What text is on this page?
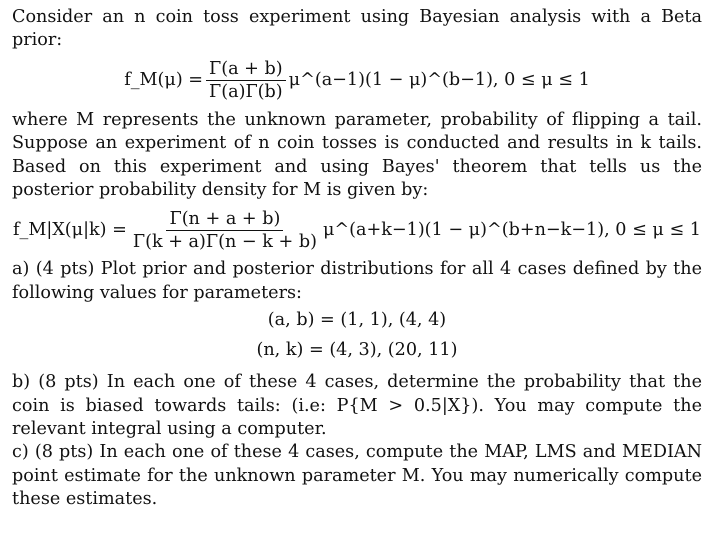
Consider an n coin toss experiment using Bayesian analysis with a Beta prior:

f_M(μ) = $\frac{\Gamma(a + b)}{\Gamma(a)\Gamma(b)}$ μ^(a−1)(1 − μ)^(b−1), 0 ≤ μ ≤ 1

where M represents the unknown parameter, probability of flipping a tail. Suppose an experiment of n coin tosses is conducted and results in k tails. Based on this experiment and using Bayes' theorem that tells us the posterior probability density for M is given by:

f_M|X(μ|k) = $\frac{\Gamma(n + a + b)}{\Gamma(k + a)\Gamma(n - k + b)}$ μ^(a+k−1)(1 − μ)^(b+n−k−1), 0 ≤ μ ≤ 1

a) (4 pts) Plot prior and posterior distributions for all 4 cases defined by the following values for parameters:

(a, b) = (1, 1), (4, 4)
(n, k) = (4, 3), (20, 11)

b) (8 pts) In each one of these 4 cases, determine the probability that the coin is biased towards tails: (i.e: P{M > 0.5|X}). You may compute the relevant integral using a computer.

c) (8 pts) In each one of these 4 cases, compute the MAP, LMS and MEDIAN point estimate for the unknown parameter M. You may numerically compute these estimates.
